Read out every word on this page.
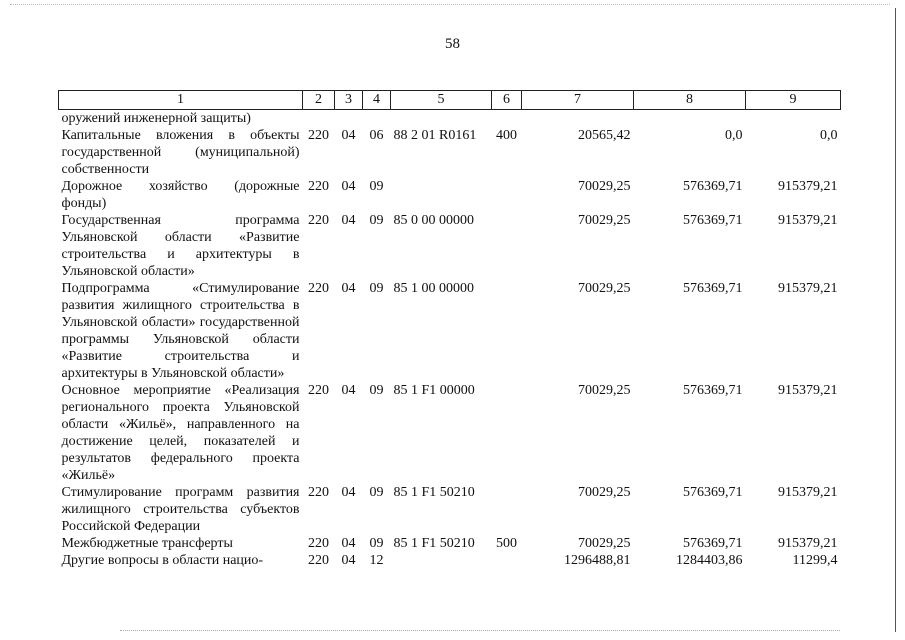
58
1	2	3	4	5	6	7	8	9
оружений инженерной защиты)								
Капитальные вложения в объекты государственной (муниципальной) собственности	220	04	06	88 2 01 R0161	400	20565,42	0,0	0,0
Дорожное хозяйство (дорожные фонды)	220	04	09			70029,25	576369,71	915379,21
Государственная программа Ульяновской области «Развитие строительства и архитектуры в Ульяновской области»	220	04	09	85 0 00 00000		70029,25	576369,71	915379,21
Подпрограмма «Стимулирование развития жилищного строительства в Ульяновской области» государственной программы Ульяновской области «Развитие строительства и архитектуры в Ульяновской области»	220	04	09	85 1 00 00000		70029,25	576369,71	915379,21
Основное мероприятие «Реализация регионального проекта Ульяновской области «Жильё», направленного на достижение целей, показателей и результатов федерального проекта «Жильё»	220	04	09	85 1 F1 00000		70029,25	576369,71	915379,21
Стимулирование программ развития жилищного строительства субъектов Российской Федерации	220	04	09	85 1 F1 50210		70029,25	576369,71	915379,21
Межбюджетные трансферты	220	04	09	85 1 F1 50210	500	70029,25	576369,71	915379,21
Другие вопросы в области нацио-	220	04	12			1296488,81	1284403,86	11299,4
